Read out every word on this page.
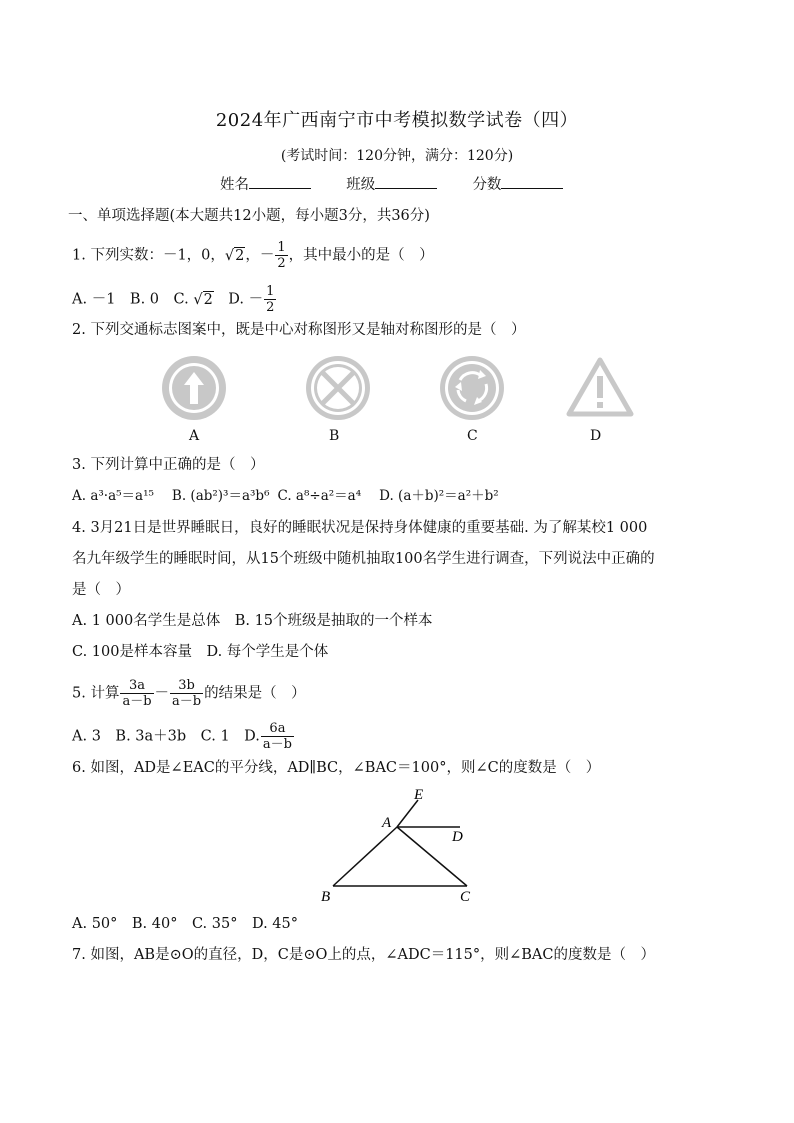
2024年广西南宁市中考模拟数学试卷（四）
(考试时间：120分钟，满分：120分)
姓名	班级	分数
一、单项选择题(本大题共12小题，每小题3分，共36分)
1. 下列实数：－1，0，√2，－ $\frac{1}{2}$ ，其中最小的是（　）
A. －1　B. 0　C. √2　D. － $\frac{1}{2}$
2. 下列交通标志图案中，既是中心对称图形又是轴对称图形的是（　）
A	B	C	D
3. 下列计算中正确的是（　）
A. a³·a⁵＝a¹⁵ B. (ab²)³＝a³b⁶ C. a⁸÷a²＝a⁴ D. (a＋b)²＝a²＋b²
4. 3月21日是世界睡眠日，良好的睡眠状况是保持身体健康的重要基础. 为了解某校1 000
名九年级学生的睡眠时间，从15个班级中随机抽取100名学生进行调查，下列说法中正确的
是（　）
A. 1 000名学生是总体　B. 15个班级是抽取的一个样本
C. 100是样本容量　D. 每个学生是个体
5. 计算 $\frac{3a}{a-b} - \frac{3b}{a-b}$ 的结果是（　）
A. 3　B. 3a＋3b　C. 1　D. $\frac{6a}{a-b}$
6. 如图，AD是∠EAC的平分线，AD∥BC，∠BAC＝100°，则∠C的度数是（　）
E
A
D
B	C
A. 50°　B. 40°　C. 35°　D. 45°
7. 如图，AB是⊙O的直径，D，C是⊙O上的点，∠ADC＝115°，则∠BAC的度数是（　）
